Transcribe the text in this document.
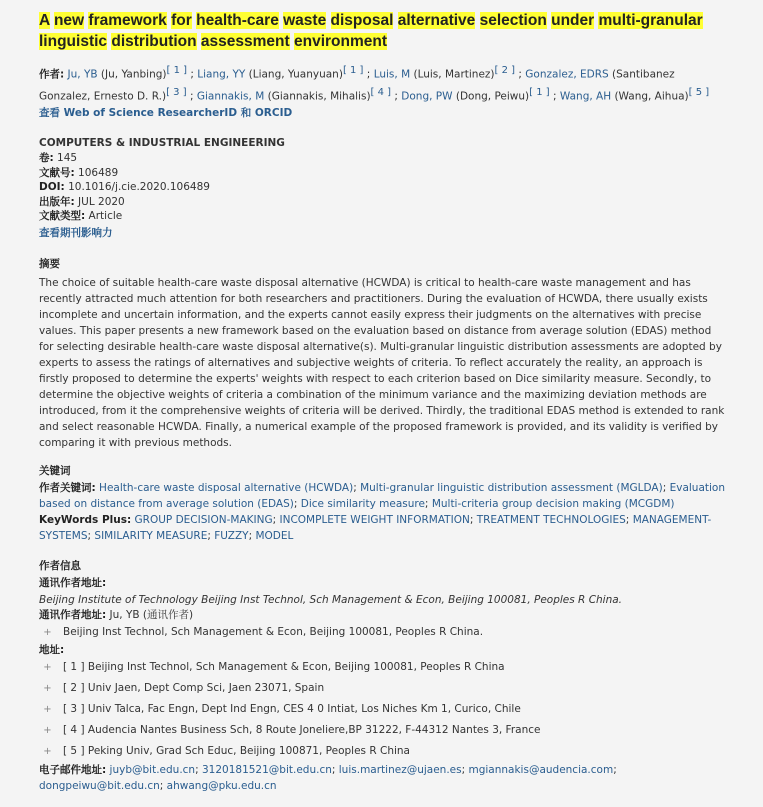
A new framework for health-care waste disposal alternative selection under multi-granular linguistic distribution assessment environment
作者: Ju, YB (Ju, Yanbing)[ 1 ] ; Liang, YY (Liang, Yuanyuan)[ 1 ] ; Luis, M (Luis, Martinez)[ 2 ] ; Gonzalez, EDRS (Santibanez Gonzalez, Ernesto D. R.)[ 3 ] ; Giannakis, M (Giannakis, Mihalis)[ 4 ] ; Dong, PW (Dong, Peiwu)[ 1 ] ; Wang, AH (Wang, Aihua)[ 5 ]
查看 Web of Science ResearcherID 和 ORCID
COMPUTERS & INDUSTRIAL ENGINEERING
卷: 145
文献号: 106489
DOI: 10.1016/j.cie.2020.106489
出版年: JUL 2020
文献类型: Article
查看期刊影响力
摘要
The choice of suitable health-care waste disposal alternative (HCWDA) is critical to health-care waste management and has recently attracted much attention for both researchers and practitioners. During the evaluation of HCWDA, there usually exists incomplete and uncertain information, and the experts cannot easily express their judgments on the alternatives with precise values. This paper presents a new framework based on the evaluation based on distance from average solution (EDAS) method for selecting desirable health-care waste disposal alternative(s). Multi-granular linguistic distribution assessments are adopted by experts to assess the ratings of alternatives and subjective weights of criteria. To reflect accurately the reality, an approach is firstly proposed to determine the experts' weights with respect to each criterion based on Dice similarity measure. Secondly, to determine the objective weights of criteria a combination of the minimum variance and the maximizing deviation methods are introduced, from it the comprehensive weights of criteria will be derived. Thirdly, the traditional EDAS method is extended to rank and select reasonable HCWDA. Finally, a numerical example of the proposed framework is provided, and its validity is verified by comparing it with previous methods.
关键词
作者关键词: Health-care waste disposal alternative (HCWDA); Multi-granular linguistic distribution assessment (MGLDA); Evaluation based on distance from average solution (EDAS); Dice similarity measure; Multi-criteria group decision making (MCGDM)
KeyWords Plus: GROUP DECISION-MAKING; INCOMPLETE WEIGHT INFORMATION; TREATMENT TECHNOLOGIES; MANAGEMENT-SYSTEMS; SIMILARITY MEASURE; FUZZY; MODEL
作者信息
通讯作者地址:
Beijing Institute of Technology Beijing Inst Technol, Sch Management & Econ, Beijing 100081, Peoples R China.
通讯作者地址: Ju, YB (通讯作者)
+ Beijing Inst Technol, Sch Management & Econ, Beijing 100081, Peoples R China.
地址:
+ [ 1 ] Beijing Inst Technol, Sch Management & Econ, Beijing 100081, Peoples R China
+ [ 2 ] Univ Jaen, Dept Comp Sci, Jaen 23071, Spain
+ [ 3 ] Univ Talca, Fac Engn, Dept Ind Engn, CES 4 0 Intiat, Los Niches Km 1, Curico, Chile
+ [ 4 ] Audencia Nantes Business Sch, 8 Route Joneliere,BP 31222, F-44312 Nantes 3, France
+ [ 5 ] Peking Univ, Grad Sch Educ, Beijing 100871, Peoples R China
电子邮件地址: juyb@bit.edu.cn; 3120181521@bit.edu.cn; luis.martinez@ujaen.es; mgiannakis@audencia.com; dongpeiwu@bit.edu.cn; ahwang@pku.edu.cn
